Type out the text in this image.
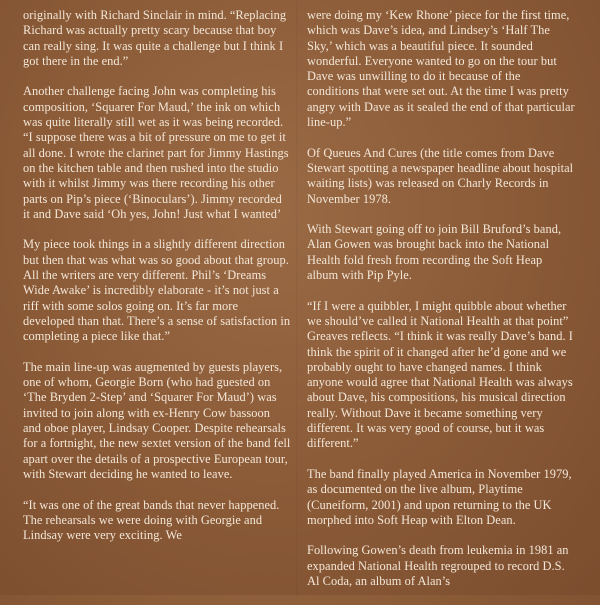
originally with Richard Sinclair in mind. “Replacing Richard was actually pretty scary because that boy can really sing. It was quite a challenge but I think I got there in the end.”

Another challenge facing John was completing his composition, ‘Squarer For Maud,’ the ink on which was quite literally still wet as it was being recorded. “I suppose there was a bit of pressure on me to get it all done. I wrote the clarinet part for Jimmy Hastings on the kitchen table and then rushed into the studio with it whilst Jimmy was there recording his other parts on Pip’s piece (‘Binoculars’). Jimmy recorded it and Dave said ‘Oh yes, John! Just what I wanted’

My piece took things in a slightly different direction but then that was what was so good about that group. All the writers are very different. Phil’s ‘Dreams Wide Awake’ is incredibly elaborate - it’s not just a riff with some solos going on. It’s far more developed than that. There’s a sense of satisfaction in completing a piece like that.”

The main line-up was augmented by guests players, one of whom, Georgie Born (who had guested on ‘The Bryden 2-Step’ and ‘Squarer For Maud’) was invited to join along with ex-Henry Cow bassoon and oboe player, Lindsay Cooper. Despite rehearsals for a fortnight, the new sextet version of the band fell apart over the details of a prospective European tour, with Stewart deciding he wanted to leave.

“It was one of the great bands that never happened. The rehearsals we were doing with Georgie and Lindsay were very exciting. We

were doing my ‘Kew Rhone’ piece for the first time, which was Dave’s idea, and Lindsey’s ‘Half The Sky,’ which was a beautiful piece. It sounded wonderful. Everyone wanted to go on the tour but Dave was unwilling to do it because of the conditions that were set out. At the time I was pretty angry with Dave as it sealed the end of that particular line-up.”

Of Queues And Cures (the title comes from Dave Stewart spotting a newspaper headline about hospital waiting lists) was released on Charly Records in November 1978.

With Stewart going off to join Bill Bruford’s band, Alan Gowen was brought back into the National Health fold fresh from recording the Soft Heap album with Pip Pyle.

“If I were a quibbler, I might quibble about whether we should’ve called it National Health at that point” Greaves reflects. “I think it was really Dave’s band. I think the spirit of it changed after he’d gone and we probably ought to have changed names. I think anyone would agree that National Health was always about Dave, his compositions, his musical direction really. Without Dave it became something very different. It was very good of course, but it was different.”

The band finally played America in November 1979, as documented on the live album, Playtime (Cuneiform, 2001) and upon returning to the UK morphed into Soft Heap with Elton Dean.

Following Gowen’s death from leukemia in 1981 an expanded National Health regrouped to record D.S. Al Coda, an album of Alan’s
